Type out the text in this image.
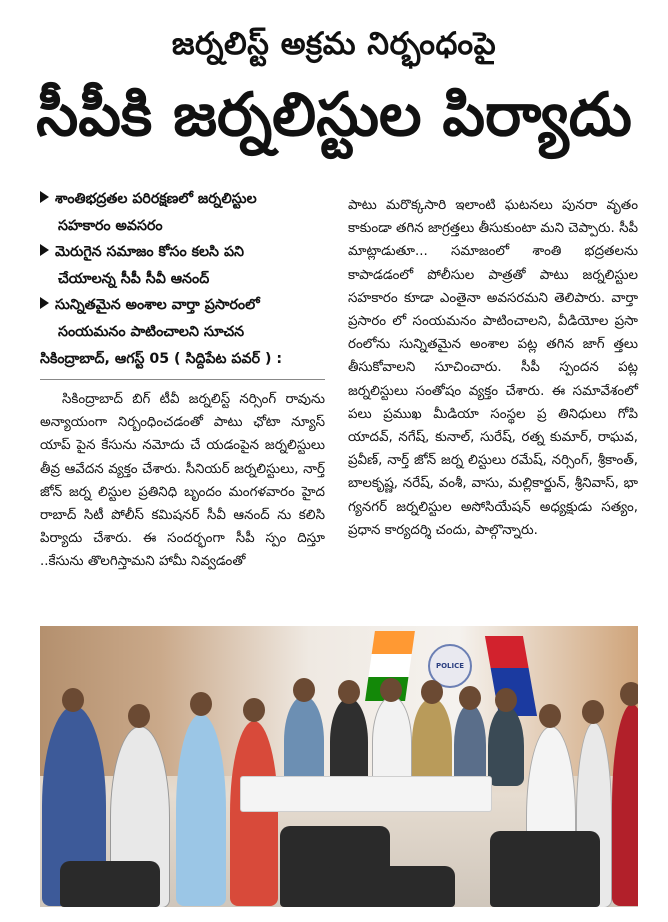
జర్నలిస్ట్ అక్రమ నిర్భంధంపై
సీపీకి జర్నలిస్టుల పిర్యాదు
శాంతిభద్రతల పరిరక్షణలో జర్నలిస్టుల
సహకారం అవసరం
మెరుగైన సమాజం కోసం కలసి పని
చేయాలన్న సీపీ సీవీ ఆనంద్
సున్నితమైన అంశాల వార్తా ప్రసారంలో
సంయమనం పాటించాలని సూచన
సికింద్రాబాద్, ఆగస్ట్ 05 ( సిద్దిపేట పవర్ ) :
సికింద్రాబాద్ బిగ్ టీవీ జర్నలిస్ట్ నర్సింగ్ రావును అన్యాయంగా నిర్బంధించడంతో పాటు ఛోటా న్యూస్ యాప్ పైన కేసును నమోదు చే యడంపైన జర్నలిస్టులు తీవ్ర ఆవేదన వ్యక్తం చేశారు. సీనియర్ జర్నలిస్టులు, నార్త్ జోన్ జర్న లిస్టుల ప్రతినిధి బృందం మంగళవారం హైద రాబాద్ సిటీ పోలీస్ కమిషనర్ సీవీ ఆనంద్ ను కలిసి పిర్యాదు చేశారు. ఈ సందర్భంగా సీపీ స్పం దిస్తూ ..కేసును తొలగిస్తామని హామీ నివ్వడంతో
పాటు మరొక్కసారి ఇలాంటి ఘటనలు పునరా వృతం కాకుండా తగిన జాగ్రత్తలు తీసుకుంటా మని చెప్పారు. సీపీ మాట్లాడుతూ... సమాజంలో శాంతి భద్రతలను కాపాడడంలో పోలీసుల పాత్రతో పాటు జర్నలిస్టుల సహకారం కూడా ఎంతైనా అవసరమని తెలిపారు. వార్తా ప్రసారం లో సంయమనం పాటించాలని, వీడియోల ప్రసా రంలోను సున్నితమైన అంశాల పట్ల తగిన జాగ్ త్తలు తీసుకోవాలని సూచించారు. సీపీ స్పందన పట్ల జర్నలిస్టులు సంతోషం వ్యక్తం చేశారు. ఈ సమావేశంలో పలు ప్రముఖ మీడియా సంస్థల ప్ర తినిధులు గోపి యాదవ్, నగేష్, కునాల్, సురేష్, రత్న కుమార్, రాఘవ, ప్రవీణ్, నార్త్ జోన్ జర్న లిస్టులు రమేష్, నర్సింగ్, శ్రీకాంత్, బాలకృష్ణ, నరేష్, వంశీ, వాసు, మల్లికార్జున్, శ్రీనివాస్, భా గ్యనగర్ జర్నలిస్టుల అసోసియేషన్ అధ్యక్షుడు సత్యం, ప్రధాన కార్యదర్శి చందు, పాల్గొన్నారు.
POLICE
